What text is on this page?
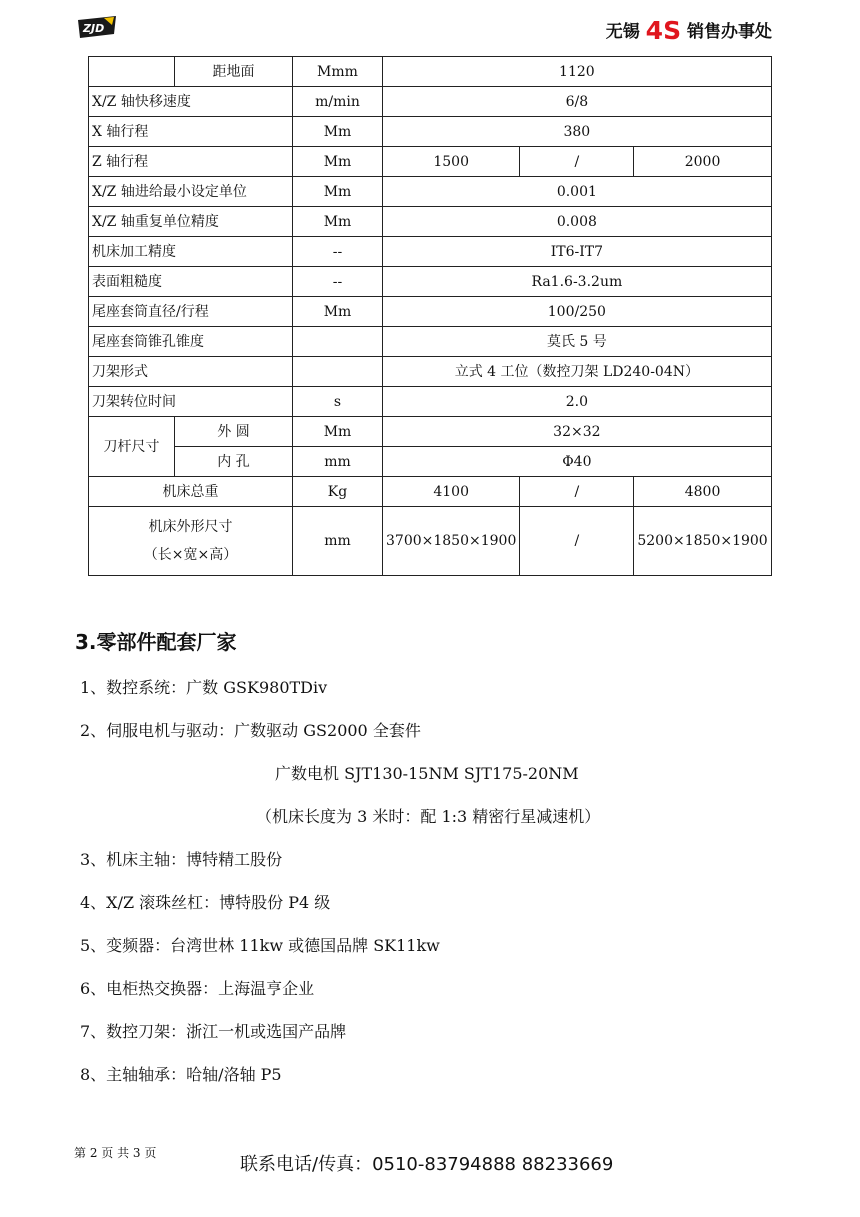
ZJD	无锡 4S 销售办事处
	距地面	Mmm	1120		
X/Z 轴快移速度		m/min	6/8		
X 轴行程		Mm	380		
Z 轴行程		Mm	1500	/	2000
X/Z 轴进给最小设定单位		Mm	0.001		
X/Z 轴重复单位精度		Mm	0.008		
机床加工精度		--	IT6-IT7		
表面粗糙度		--	Ra1.6-3.2um		
尾座套筒直径/行程		Mm	100/250		
尾座套筒锥孔锥度			莫氏 5 号		
刀架形式			立式 4 工位（数控刀架 LD240-04N）		
刀架转位时间		s	2.0		
刀杆尺寸	外 圆	Mm	32×32		
	内 孔	mm	Φ40		
机床总重		Kg	4100	/	4800

机床外形尺寸
（长×宽×高）		mm	3700×1850×1900	/	5200×1850×1900
3.零部件配套厂家
1、数控系统：广数 GSK980TDiv
2、伺服电机与驱动：广数驱动 GS2000 全套件
广数电机 SJT130-15NM SJT175-20NM
（机床长度为 3 米时：配 1:3 精密行星减速机）
3、机床主轴：博特精工股份
4、X/Z 滚珠丝杠：博特股份 P4 级
5、变频器：台湾世林 11kw 或德国品牌 SK11kw
6、电柜热交换器：上海温亨企业
7、数控刀架：浙江一机或选国产品牌
8、主轴轴承：哈轴/洛轴 P5
第 2 页 共 3 页
联系电话/传真：0510-83794888 88233669
